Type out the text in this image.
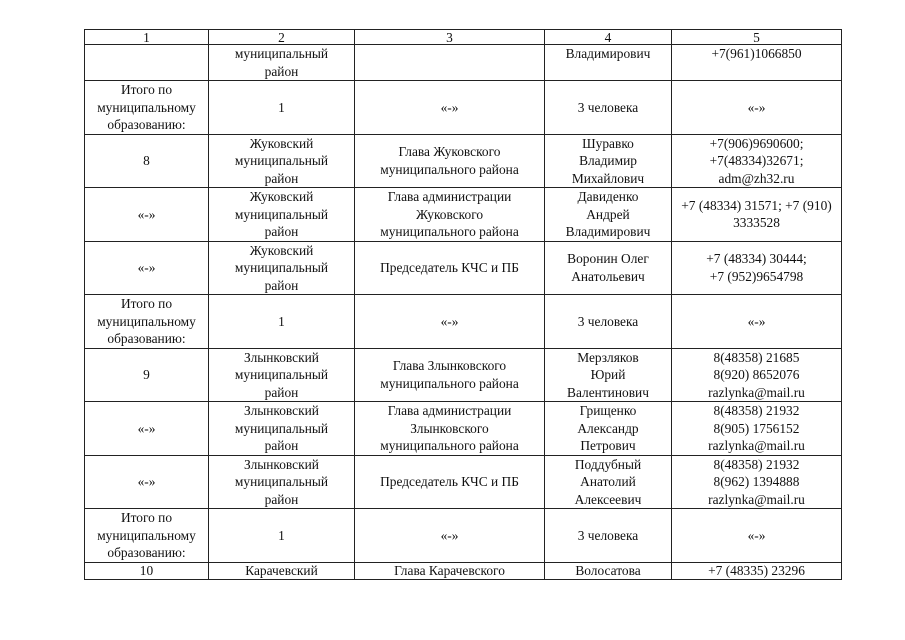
1	2	3	4	5

	муниципальный
район		Владимирович	+7(961)1066850

Итого по
муниципальному
образованию:	1	«-»	3 человека	«-»

8	Жуковский
муниципальный
район	Глава Жуковского
муниципального района	Шуравко
Владимир
Михайлович	+7(906)9690600;
+7(48334)32671;
adm@zh32.ru

«-»	Жуковский
муниципальный
район	Глава администрации
Жуковского
муниципального района	Давиденко
Андрей
Владимирович	+7 (48334) 31571; +7 (910)
3333528

«-»	Жуковский
муниципальный
район	Председатель КЧС и ПБ	Воронин Олег
Анатольевич	+7 (48334) 30444;
+7 (952)9654798

Итого по
муниципальному
образованию:	1	«-»	3 человека	«-»

9	Злынковский
муниципальный
район	Глава Злынковского
муниципального района	Мерзляков
Юрий
Валентинович	8(48358) 21685
8(920) 8652076
razlynka@mail.ru

«-»	Злынковский
муниципальный
район	Глава администрации
Злынковского
муниципального района	Грищенко
Александр
Петрович	8(48358) 21932
8(905) 1756152
razlynka@mail.ru

«-»	Злынковский
муниципальный
район	Председатель КЧС и ПБ	Поддубный
Анатолий
Алексеевич	8(48358) 21932
8(962) 1394888
razlynka@mail.ru

Итого по
муниципальному
образованию:	1	«-»	3 человека	«-»

10	Карачевский	Глава Карачевского	Волосатова	+7 (48335) 23296
